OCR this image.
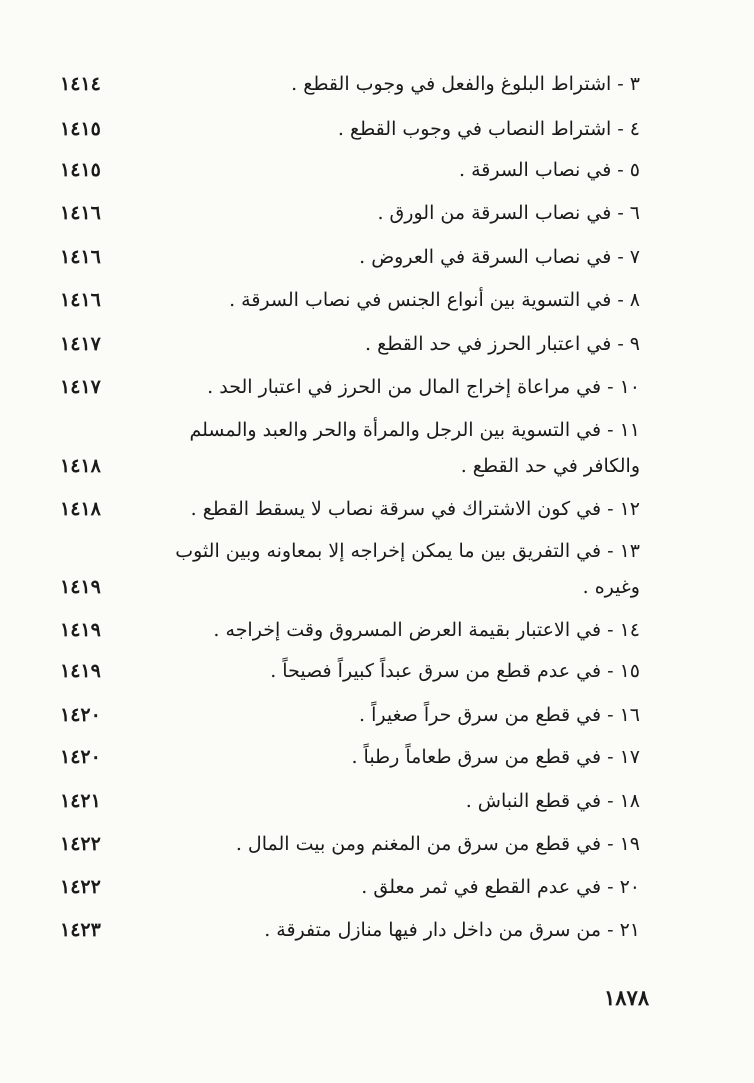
٣ - اشتراط البلوغ والفعل في وجوب القطع .
١٤١٤
٤ - اشتراط النصاب في وجوب القطع .
١٤١٥
٥ - في نصاب السرقة .
١٤١٥
٦ - في نصاب السرقة من الورق .
١٤١٦
٧ - في نصاب السرقة في العروض .
١٤١٦
٨ - في التسوية بين أنواع الجنس في نصاب السرقة .
١٤١٦
٩ - في اعتبار الحرز في حد القطع .
١٤١٧
١٠ - في مراعاة إخراج المال من الحرز في اعتبار الحد .
١٤١٧
١١ - في التسوية بين الرجل والمرأة والحر والعبد والمسلم والكافر في حد القطع .
١٤١٨
١٢ - في كون الاشتراك في سرقة نصاب لا يسقط القطع .
١٤١٨
١٣ - في التفريق بين ما يمكن إخراجه إلا بمعاونه وبين الثوب وغيره .
١٤١٩
١٤ - في الاعتبار بقيمة العرض المسروق وقت إخراجه .
١٤١٩
١٥ - في عدم قطع من سرق عبداً كبيراً فصيحاً .
١٤١٩
١٦ - في قطع من سرق حراً صغيراً .
١٤٢٠
١٧ - في قطع من سرق طعاماً رطباً .
١٤٢٠
١٨ - في قطع النباش .
١٤٢١
١٩ - في قطع من سرق من المغنم ومن بيت المال .
١٤٢٢
٢٠ - في عدم القطع في ثمر معلق .
١٤٢٢
٢١ - من سرق من داخل دار فيها منازل متفرقة .
١٤٢٣
١٨٧٨
